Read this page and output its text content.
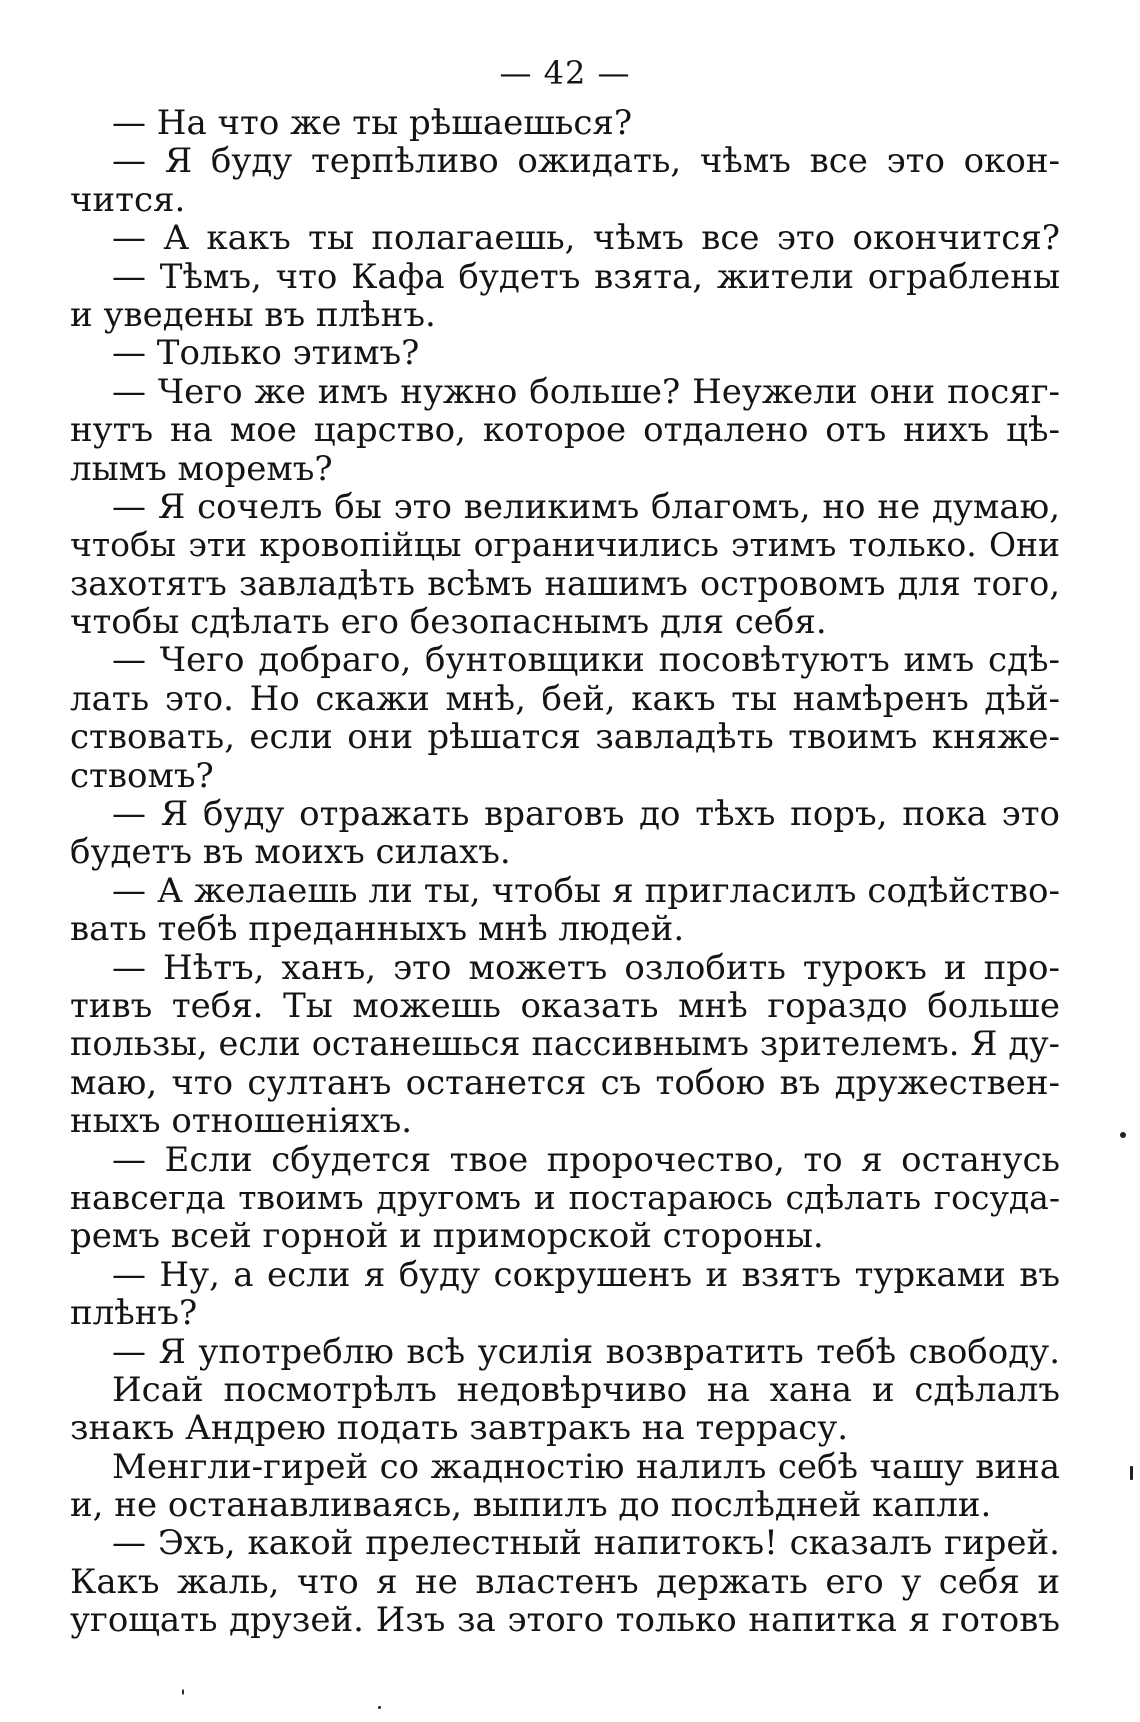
— 42 —
— На что же ты рѣшаешься?
— Я буду терпѣливо ожидать, чѣмъ все это окон-
чится.
— А какъ ты полагаешь, чѣмъ все это окончится?
— Тѣмъ, что Кафа будетъ взята, жители ограблены
и уведены въ плѣнъ.
— Только этимъ?
— Чего же имъ нужно больше? Неужели они посяг-
нутъ на мое царство, которое отдалено отъ нихъ цѣ-
лымъ моремъ?
— Я сочелъ бы это великимъ благомъ, но не думаю,
чтобы эти кровопійцы ограничились этимъ только. Они
захотятъ завладѣть всѣмъ нашимъ островомъ для того,
чтобы сдѣлать его безопаснымъ для себя.
— Чего добраго, бунтовщики посовѣтуютъ имъ сдѣ-
лать это. Но скажи мнѣ, бей, какъ ты намѣренъ дѣй-
ствовать, если они рѣшатся завладѣть твоимъ княже-
ствомъ?
— Я буду отражать враговъ до тѣхъ поръ, пока это
будетъ въ моихъ силахъ.
— А желаешь ли ты, чтобы я пригласилъ содѣйство-
вать тебѣ преданныхъ мнѣ людей.
— Нѣтъ, ханъ, это можетъ озлобить турокъ и про-
тивъ тебя. Ты можешь оказать мнѣ гораздо больше
пользы, если останешься пассивнымъ зрителемъ. Я ду-
маю, что султанъ останется съ тобою въ дружествен-
ныхъ отношеніяхъ.
— Если сбудется твое пророчество, то я останусь
навсегда твоимъ другомъ и постараюсь сдѣлать госуда-
ремъ всей горной и приморской стороны.
— Ну, а если я буду сокрушенъ и взятъ турками въ
плѣнъ?
— Я употреблю всѣ усилія возвратить тебѣ свободу.
Исай посмотрѣлъ недовѣрчиво на хана и сдѣлалъ
знакъ Андрею подать завтракъ на террасу.
Менгли-гирей со жадностію налилъ себѣ чашу вина
и, не останавливаясь, выпилъ до послѣдней капли.
— Эхъ, какой прелестный напитокъ! сказалъ гирей.
Какъ жаль, что я не властенъ держать его у себя и
угощать друзей. Изъ за этого только напитка я готовъ
